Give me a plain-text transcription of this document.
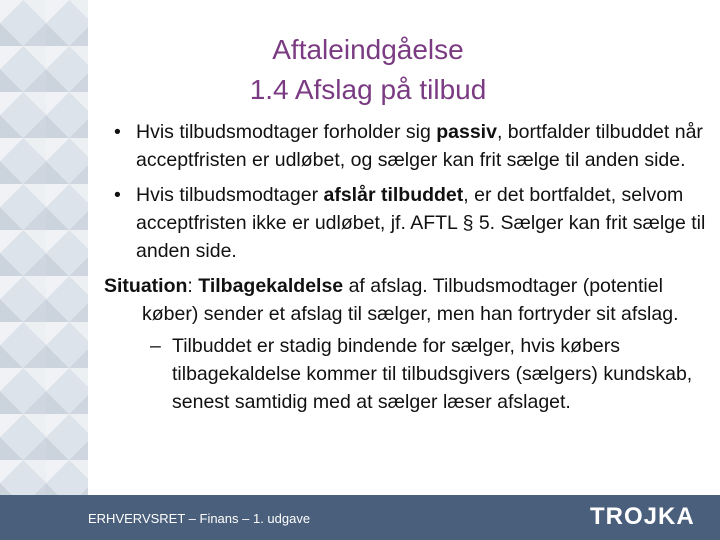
Aftaleindgåelse
1.4 Afslag på tilbud
• Hvis tilbudsmodtager forholder sig passiv, bortfalder tilbuddet når acceptfristen er udløbet, og sælger kan frit sælge til anden side.
• Hvis tilbudsmodtager afslår tilbuddet, er det bortfaldet, selvom acceptfristen ikke er udløbet, jf. AFTL § 5. Sælger kan frit sælge til anden side.
Situation: Tilbagekaldelse af afslag. Tilbudsmodtager (potentiel køber) sender et afslag til sælger, men han fortryder sit afslag.
– Tilbuddet er stadig bindende for sælger, hvis købers tilbagekaldelse kommer til tilbudsgivers (sælgers) kundskab, senest samtidig med at sælger læser afslaget.
ERHVERVSRET – Finans – 1. udgave	TROJKA
